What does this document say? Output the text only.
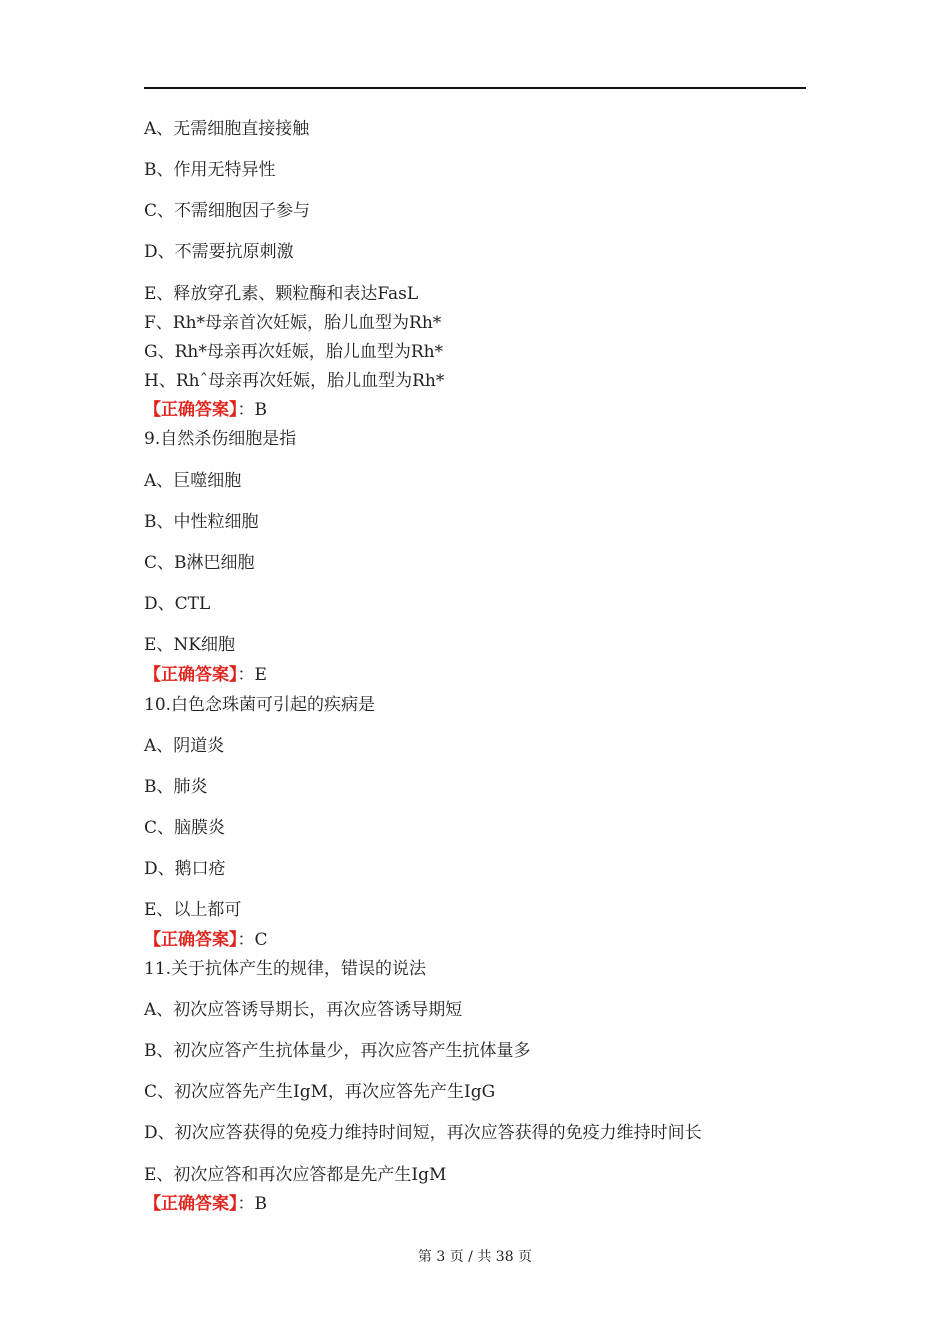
A、无需细胞直接接触
B、作用无特异性
C、不需细胞因子参与
D、不需要抗原刺激
E、释放穿孔素、颗粒酶和表达FasL
F、Rh*母亲首次妊娠，胎儿血型为Rh*
G、Rh*母亲再次妊娠，胎儿血型为Rh*
H、Rhˆ母亲再次妊娠，胎儿血型为Rh*
【正确答案】：B
9.自然杀伤细胞是指
A、巨噬细胞
B、中性粒细胞
C、B淋巴细胞
D、CTL
E、NK细胞
【正确答案】：E
10.白色念珠菌可引起的疾病是
A、阴道炎
B、肺炎
C、脑膜炎
D、鹅口疮
E、以上都可
【正确答案】：C
11.关于抗体产生的规律，错误的说法
A、初次应答诱导期长，再次应答诱导期短
B、初次应答产生抗体量少，再次应答产生抗体量多
C、初次应答先产生IgM，再次应答先产生IgG
D、初次应答获得的免疫力维持时间短，再次应答获得的免疫力维持时间长
E、初次应答和再次应答都是先产生IgM
【正确答案】：B
第 3 页 / 共 38 页
